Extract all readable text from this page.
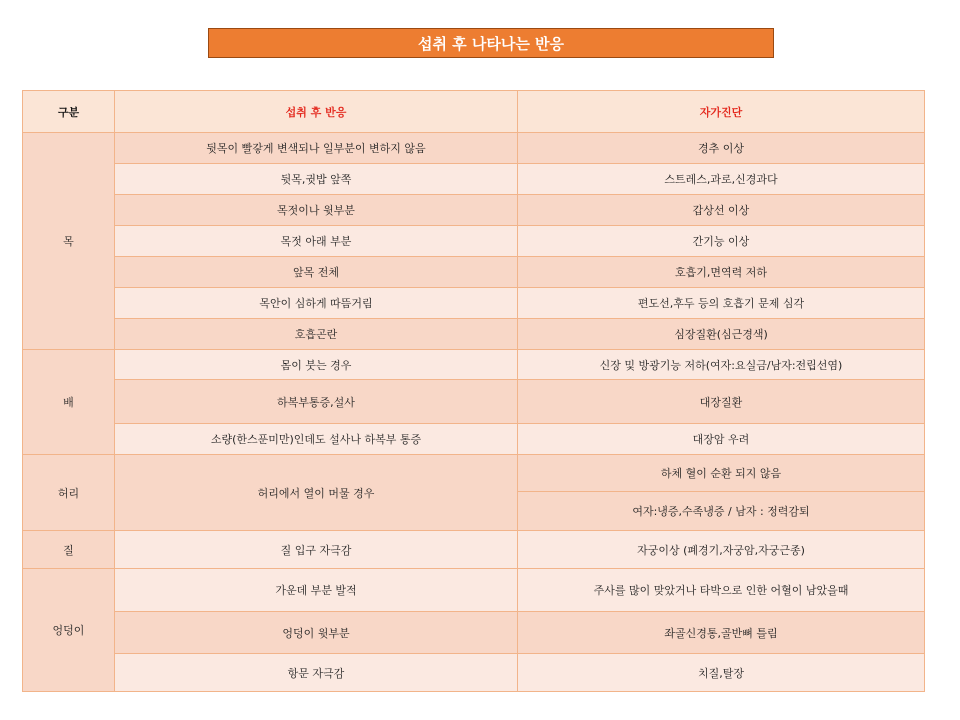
섭취 후 나타나는 반응
구분	섭취 후 반응	자가진단
목	뒷목이 빨갛게 변색되나 일부분이 변하지 않음	경추 이상
	뒷목,귓밥 앞쪽	스트레스,과로,신경과다
	목젓이나 윗부분	갑상선 이상
	목젓 아래 부분	간기능 이상
	앞목 전체	호흡기,면역력 저하
	목안이 심하게 따뜸거림	편도선,후두 등의 호흡기 문제 심각
	호흡곤란	심장질환(심근경색)
배	몸이 붓는 경우	신장 및 방광기능 저하(여자:요실금/남자:전립선염)
	하복부통증,설사	대장질환
	소량(한스푼미만)인데도 설사나 하복부 통증	대장암 우려
허리	허리에서 열이 머물 경우	하체 혈이 순환 되지 않음
		여자:냉증,수족냉증 / 남자 : 정력감퇴
질	질 입구 자극감	자궁이상 (폐경기,자궁암,자궁근종)
엉덩이	가운데 부분 발적	주사를 많이 맞았거나 타박으로 인한 어혈이 남았을때
	엉덩이 윗부분	좌골신경통,골반뼈 틀림
	항문 자극감	치질,탈장
